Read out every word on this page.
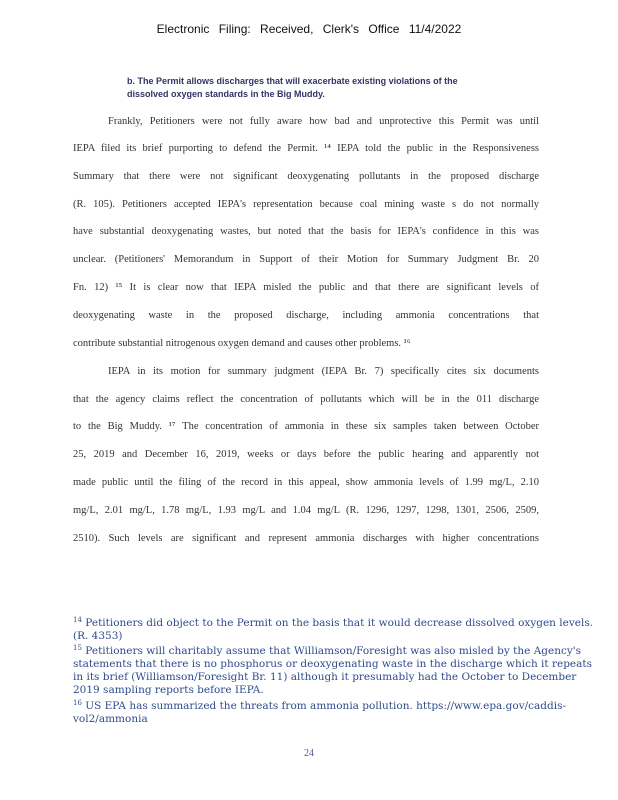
Electronic Filing: Received, Clerk's Office 11/4/2022
b. The Permit allows discharges that will exacerbate existing violations of the
dissolved oxygen standards in the Big Muddy.
Frankly, Petitioners were not fully aware how bad and unprotective this Permit was until
IEPA filed its brief purporting to defend the Permit. ¹⁴ IEPA told the public in the Responsiveness
Summary that there were not significant deoxygenating pollutants in the proposed discharge
(R. 105). Petitioners accepted IEPA's representation because coal mining waste s do not normally
have substantial deoxygenating wastes, but noted that the basis for IEPA's confidence in this was
unclear. (Petitioners' Memorandum in Support of their Motion for Summary Judgment Br. 20
Fn. 12) ¹⁵ It is clear now that IEPA misled the public and that there are significant levels of
deoxygenating waste in the proposed discharge, including ammonia concentrations that
contribute substantial nitrogenous oxygen demand and causes other problems. ¹⁶
IEPA in its motion for summary judgment (IEPA Br. 7) specifically cites six documents
that the agency claims reflect the concentration of pollutants which will be in the 011 discharge
to the Big Muddy. ¹⁷ The concentration of ammonia in these six samples taken between October
25, 2019 and December 16, 2019, weeks or days before the public hearing and apparently not
made public until the filing of the record in this appeal, show ammonia levels of 1.99 mg/L, 2.10
mg/L, 2.01 mg/L, 1.78 mg/L, 1.93 mg/L and 1.04 mg/L (R. 1296, 1297, 1298, 1301, 2506, 2509,
2510). Such levels are significant and represent ammonia discharges with higher concentrations
$^{14}$ Petitioners did object to the Permit on the basis that it would decrease dissolved oxygen levels.
(R. 4353)
$^{15}$ Petitioners will charitably assume that Williamson/Foresight was also misled by the Agency's statements that there is no phosphorus or deoxygenating waste in the discharge which it repeats in its brief (Williamson/Foresight Br. 11) although it presumably had the October to December 2019 sampling reports before IEPA.
$^{16}$ US EPA has summarized the threats from ammonia pollution. https://www.epa.gov/caddis-vol2/ammonia
24
